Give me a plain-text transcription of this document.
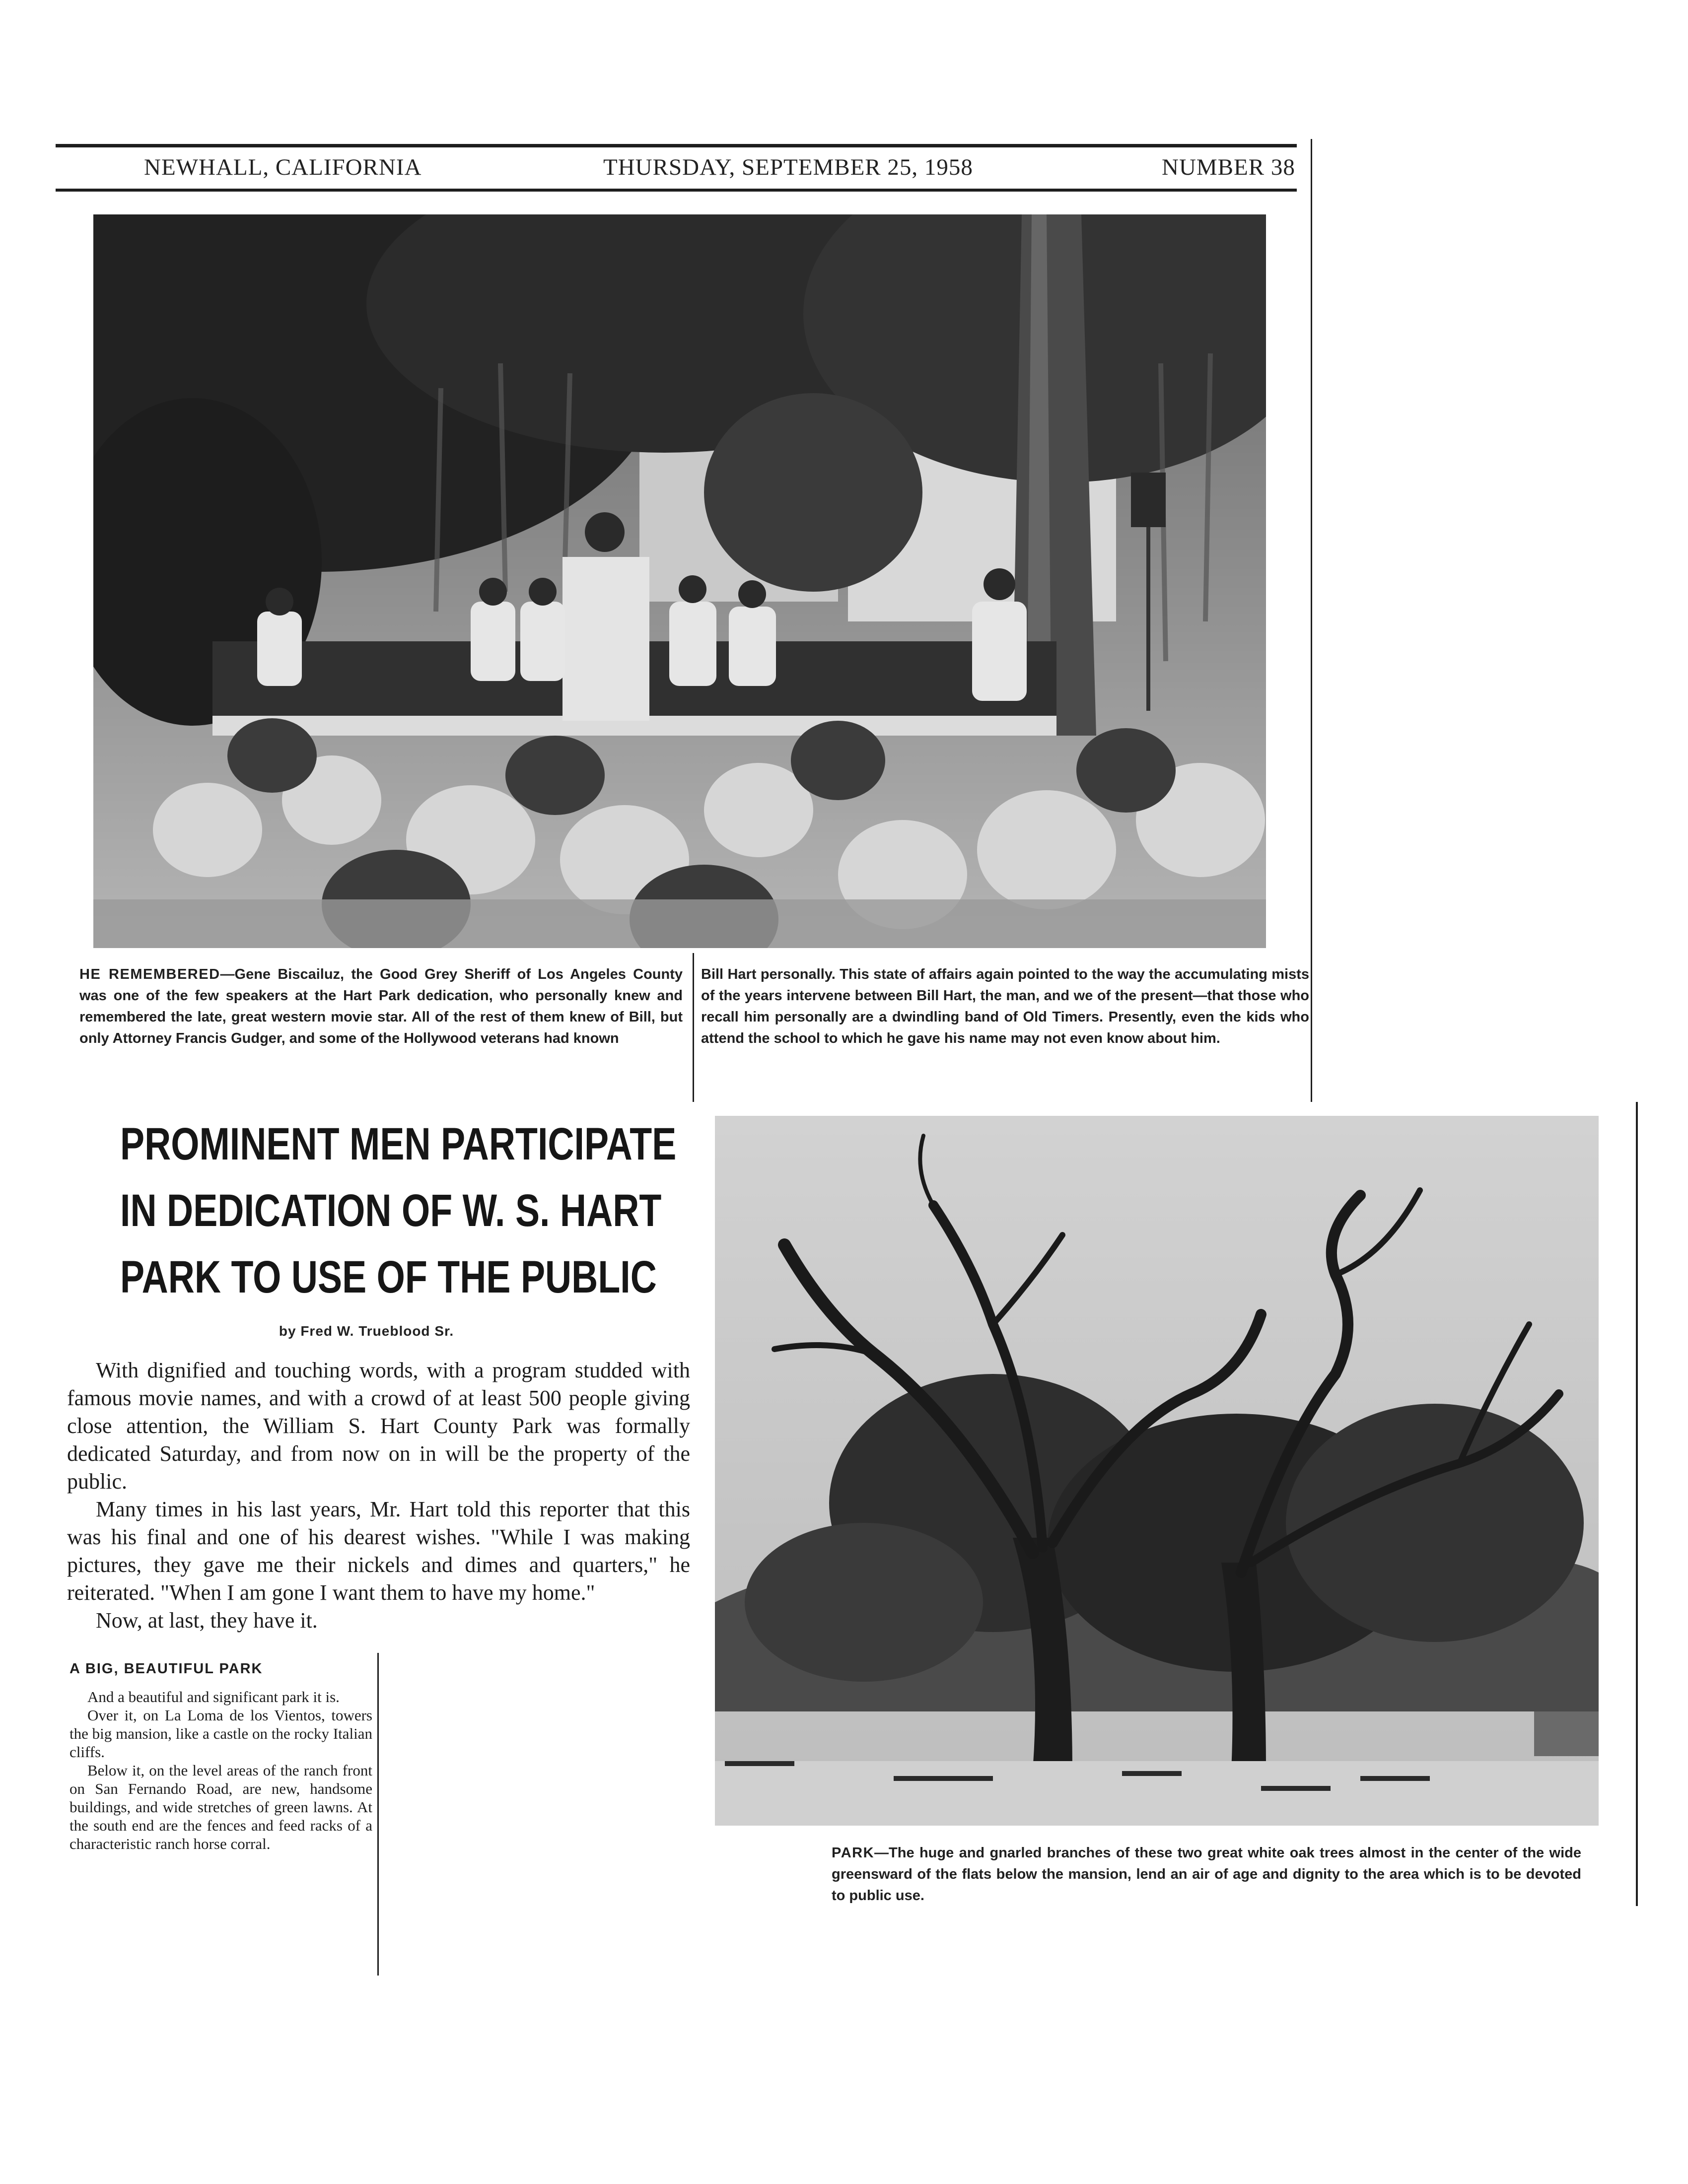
NEWHALL, CALIFORNIA	THURSDAY, SEPTEMBER 25, 1958	NUMBER 38

HE REMEMBERED—Gene Biscailuz, the Good Grey Sheriff of Los Angeles County was one of the few speakers at the Hart Park dedication, who personally knew and remembered the late, great western movie star. All of the rest of them knew of Bill, but only Attorney Francis Gudger, and some of the Hollywood veterans had known

Bill Hart personally. This state of affairs again pointed to the way the accumulating mists of the years intervene between Bill Hart, the man, and we of the present—that those who recall him personally are a dwindling band of Old Timers. Presently, even the kids who attend the school to which he gave his name may not even know about him.

PROMINENT MEN PARTICIPATE
IN DEDICATION OF W. S. HART
PARK TO USE OF THE PUBLIC
by Fred W. Trueblood Sr.

With dignified and touching words, with a program studded with famous movie names, and with a crowd of at least 500 people giving close attention, the William S. Hart County Park was formally dedicated Saturday, and from now on in will be the property of the public.

Many times in his last years, Mr. Hart told this reporter that this was his final and one of his dearest wishes. "While I was making pictures, they gave me their nickels and dimes and quarters," he reiterated. "When I am gone I want them to have my home."

Now, at last, they have it.

A BIG, BEAUTIFUL PARK

And a beautiful and significant park it is.

Over it, on La Loma de los Vientos, towers the big mansion, like a castle on the rocky Italian cliffs.

Below it, on the level areas of the ranch front on San Fernando Road, are new, handsome buildings, and wide stretches of green lawns. At the south end are the fences and feed racks of a characteristic ranch horse corral.

PARK—The huge and gnarled branches of these two great white oak trees almost in the center of the wide greensward of the flats below the mansion, lend an air of age and dignity to the area which is to be devoted to public use.
